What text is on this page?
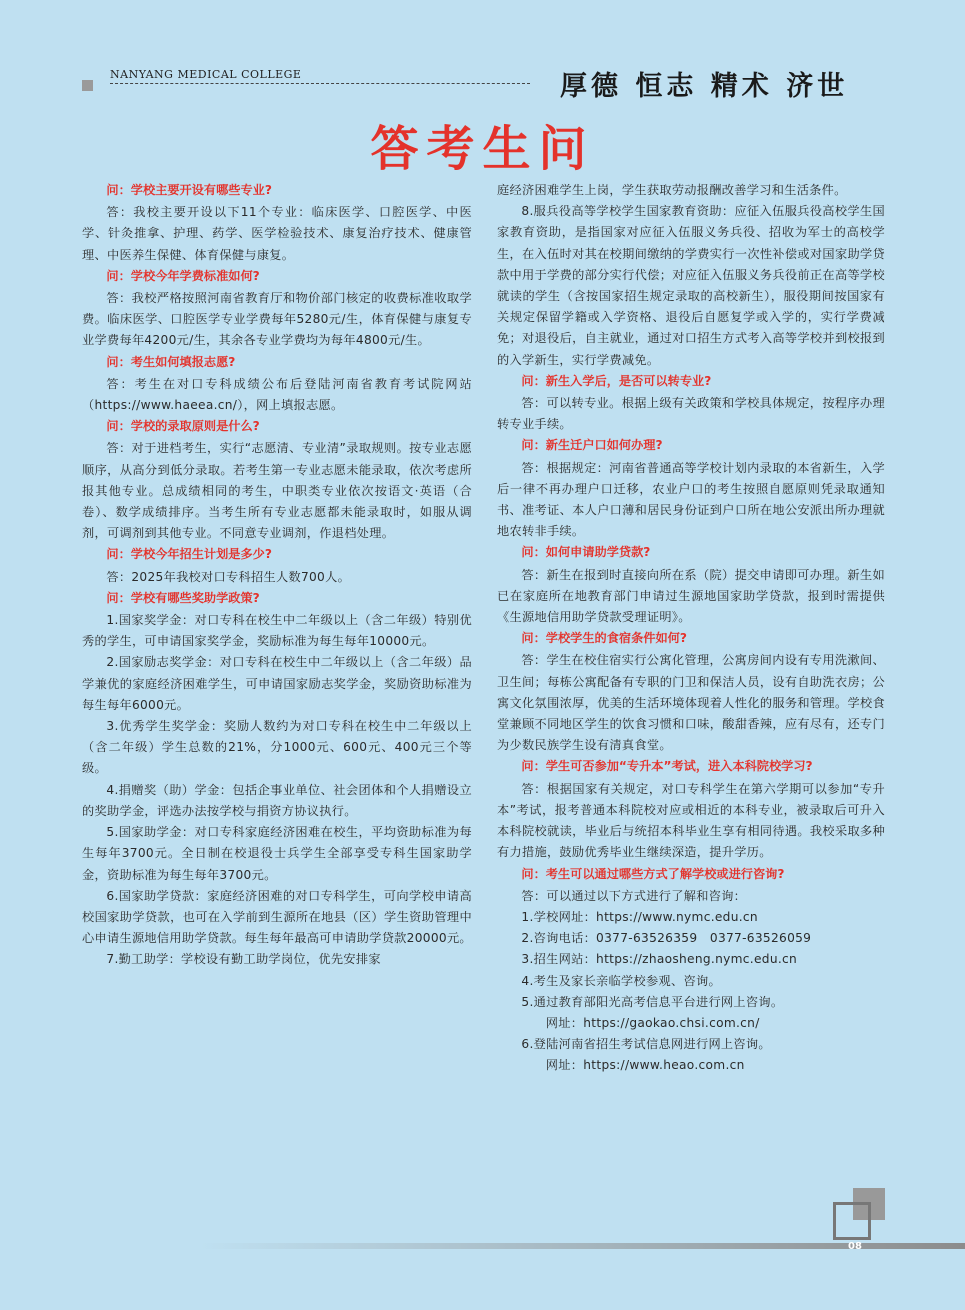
NANYANG MEDICAL COLLEGE	厚德 恒志 精术 济世
答考生问
问：学校主要开设有哪些专业?
答：我校主要开设以下11个专业：临床医学、口腔医学、中医学、针灸推拿、护理、药学、医学检验技术、康复治疗技术、健康管理、中医养生保健、体育保健与康复。
问：学校今年学费标准如何?
答：我校严格按照河南省教育厅和物价部门核定的收费标准收取学费。临床医学、口腔医学专业学费每年5280元/生，体育保健与康复专业学费每年4200元/生，其余各专业学费均为每年4800元/生。
问：考生如何填报志愿?
答：考生在对口专科成绩公布后登陆河南省教育考试院网站（https://www.haeea.cn/），网上填报志愿。
问：学校的录取原则是什么?
答：对于进档考生，实行“志愿清、专业清”录取规则。按专业志愿顺序，从高分到低分录取。若考生第一专业志愿未能录取，依次考虑所报其他专业。总成绩相同的考生，中职类专业依次按语文·英语（合卷）、数学成绩排序。当考生所有专业志愿都未能录取时，如服从调剂，可调剂到其他专业。不同意专业调剂，作退档处理。
问：学校今年招生计划是多少?
答：2025年我校对口专科招生人数700人。
问：学校有哪些奖助学政策?
1.国家奖学金：对口专科在校生中二年级以上（含二年级）特别优秀的学生，可申请国家奖学金，奖励标准为每生每年10000元。
2.国家励志奖学金：对口专科在校生中二年级以上（含二年级）品学兼优的家庭经济困难学生，可申请国家励志奖学金，奖励资助标准为每生每年6000元。
3.优秀学生奖学金：奖励人数约为对口专科在校生中二年级以上（含二年级）学生总数的21%，分1000元、600元、400元三个等级。
4.捐赠奖（助）学金：包括企事业单位、社会团体和个人捐赠设立的奖助学金，评选办法按学校与捐资方协议执行。
5.国家助学金：对口专科家庭经济困难在校生，平均资助标准为每生每年3700元。全日制在校退役士兵学生全部享受专科生国家助学金，资助标准为每生每年3700元。
6.国家助学贷款：家庭经济困难的对口专科学生，可向学校申请高校国家助学贷款，也可在入学前到生源所在地县（区）学生资助管理中心申请生源地信用助学贷款。每生每年最高可申请助学贷款20000元。
7.勤工助学：学校设有勤工助学岗位，优先安排家
庭经济困难学生上岗，学生获取劳动报酬改善学习和生活条件。
8.服兵役高等学校学生国家教育资助：应征入伍服兵役高校学生国家教育资助，是指国家对应征入伍服义务兵役、招收为军士的高校学生，在入伍时对其在校期间缴纳的学费实行一次性补偿或对国家助学贷款中用于学费的部分实行代偿；对应征入伍服义务兵役前正在高等学校就读的学生（含按国家招生规定录取的高校新生），服役期间按国家有关规定保留学籍或入学资格、退役后自愿复学或入学的，实行学费减免；对退役后，自主就业，通过对口招生方式考入高等学校并到校报到的入学新生，实行学费减免。
问：新生入学后，是否可以转专业?
答：可以转专业。根据上级有关政策和学校具体规定，按程序办理转专业手续。
问：新生迁户口如何办理?
答：根据规定：河南省普通高等学校计划内录取的本省新生，入学后一律不再办理户口迁移，农业户口的考生按照自愿原则凭录取通知书、准考证、本人户口薄和居民身份证到户口所在地公安派出所办理就地农转非手续。
问：如何申请助学贷款?
答：新生在报到时直接向所在系（院）提交申请即可办理。新生如已在家庭所在地教育部门申请过生源地国家助学贷款，报到时需提供《生源地信用助学贷款受理证明》。
问：学校学生的食宿条件如何?
答：学生在校住宿实行公寓化管理，公寓房间内设有专用洗漱间、卫生间；每栋公寓配备有专职的门卫和保洁人员，设有自助洗衣房；公寓文化氛围浓厚，优美的生活环境体现着人性化的服务和管理。学校食堂兼顾不同地区学生的饮食习惯和口味，酸甜香辣，应有尽有，还专门为少数民族学生设有清真食堂。
问：学生可否参加“专升本”考试，进入本科院校学习?
答：根据国家有关规定，对口专科学生在第六学期可以参加“专升本”考试，报考普通本科院校对应或相近的本科专业，被录取后可升入本科院校就读，毕业后与统招本科毕业生享有相同待遇。我校采取多种有力措施，鼓励优秀毕业生继续深造，提升学历。
问：考生可以通过哪些方式了解学校或进行咨询?
答：可以通过以下方式进行了解和咨询：
1.学校网址：https://www.nymc.edu.cn
2.咨询电话：0377-63526359　0377-63526059
3.招生网站：https://zhaosheng.nymc.edu.cn
4.考生及家长亲临学校参观、咨询。
5.通过教育部阳光高考信息平台进行网上咨询。
网址：https://gaokao.chsi.com.cn/
6.登陆河南省招生考试信息网进行网上咨询。
网址：https://www.heao.com.cn
08
